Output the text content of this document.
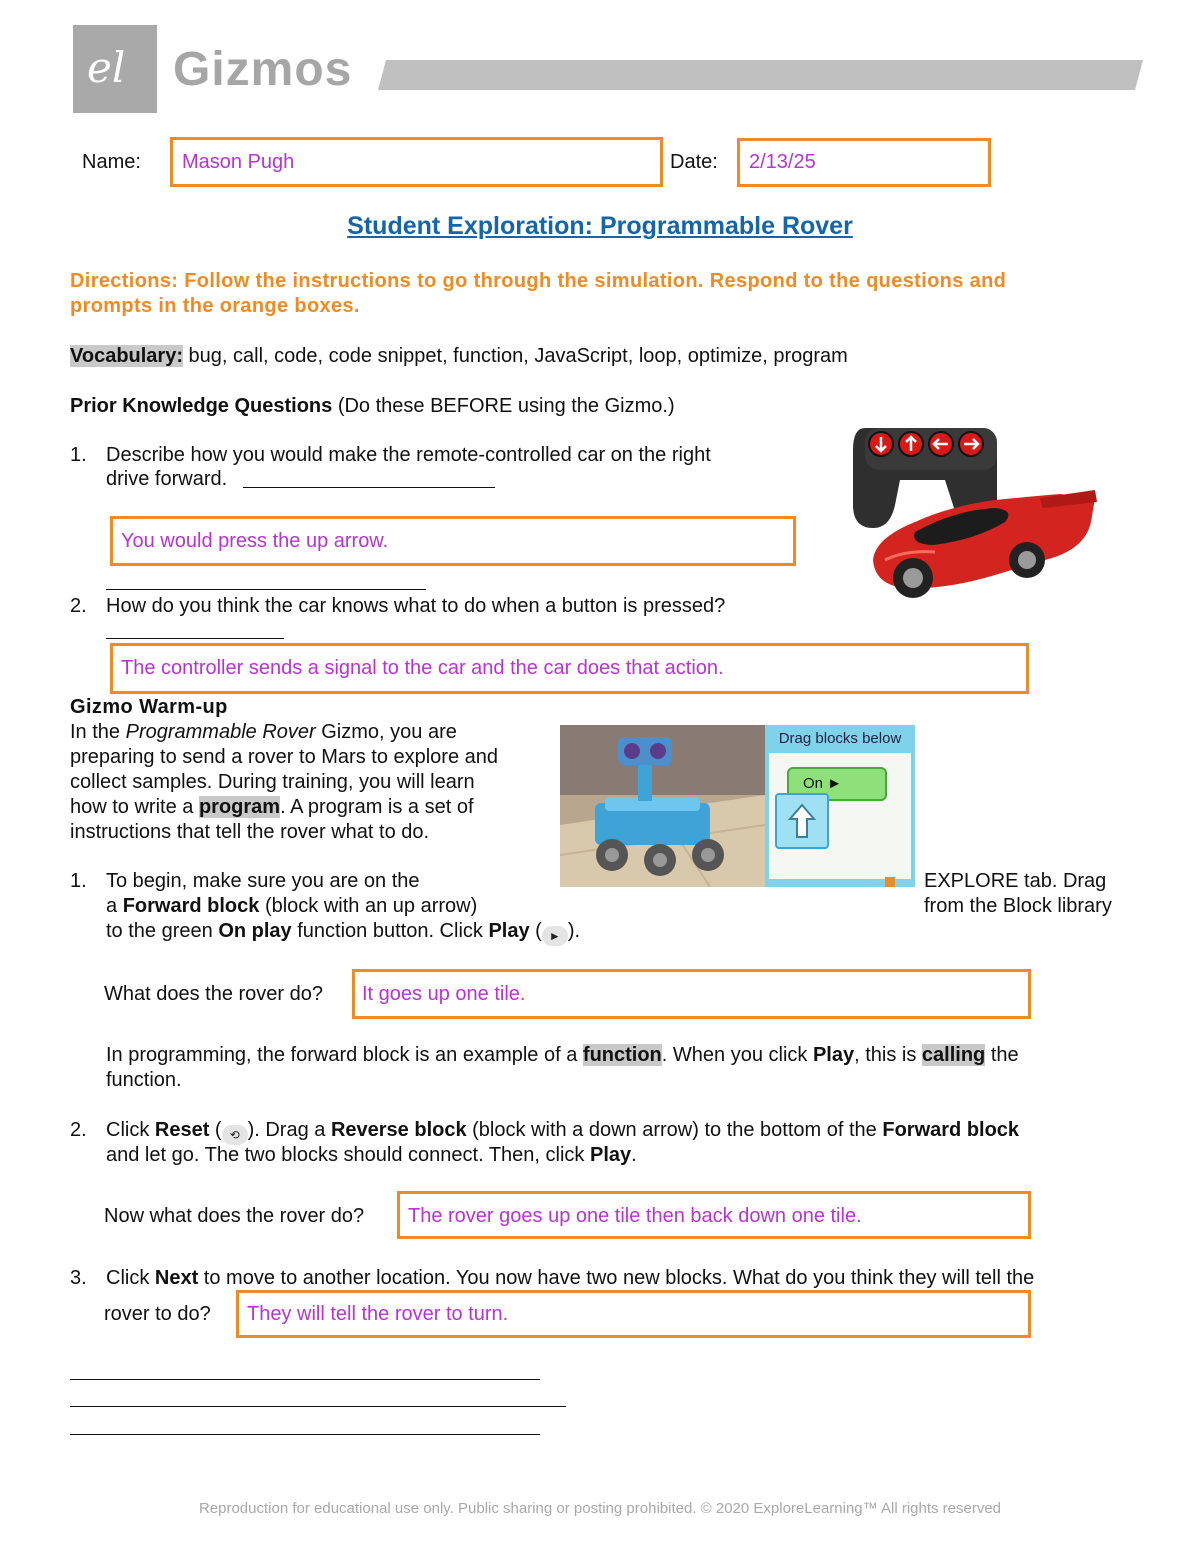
el Gizmos
Name: Mason Pugh	Date: 2/13/25
Student Exploration: Programmable Rover
Directions: Follow the instructions to go through the simulation. Respond to the questions and
prompts in the orange boxes.
Vocabulary: bug, call, code, code snippet, function, JavaScript, loop, optimize, program
Prior Knowledge Questions (Do these BEFORE using the Gizmo.)
1. Describe how you would make the remote-controlled car on the right
drive forward.
You would press the up arrow.
2. How do you think the car knows what to do when a button is pressed?
The controller sends a signal to the car and the car does that action.
Gizmo Warm-up
In the Programmable Rover Gizmo, you are
preparing to send a rover to Mars to explore and
collect samples. During training, you will learn
how to write a program. A program is a set of
instructions that tell the rover what to do.
Drag blocks below
On ►
1. To begin, make sure you are on the	EXPLORE tab. Drag
a Forward block (block with an up arrow)	from the Block library
to the green On play function button. Click Play ( ► ).
What does the rover do? It goes up one tile.
In programming, the forward block is an example of a function. When you click Play, this is calling the
function.
2. Click Reset ( ⟲ ). Drag a Reverse block (block with a down arrow) to the bottom of the Forward block
and let go. The two blocks should connect. Then, click Play.
Now what does the rover do? The rover goes up one tile then back down one tile.
3. Click Next to move to another location. You now have two new blocks. What do you think they will tell the
rover to do? They will tell the rover to turn.
Reproduction for educational use only. Public sharing or posting prohibited. © 2020 ExploreLearning™ All rights reserved
